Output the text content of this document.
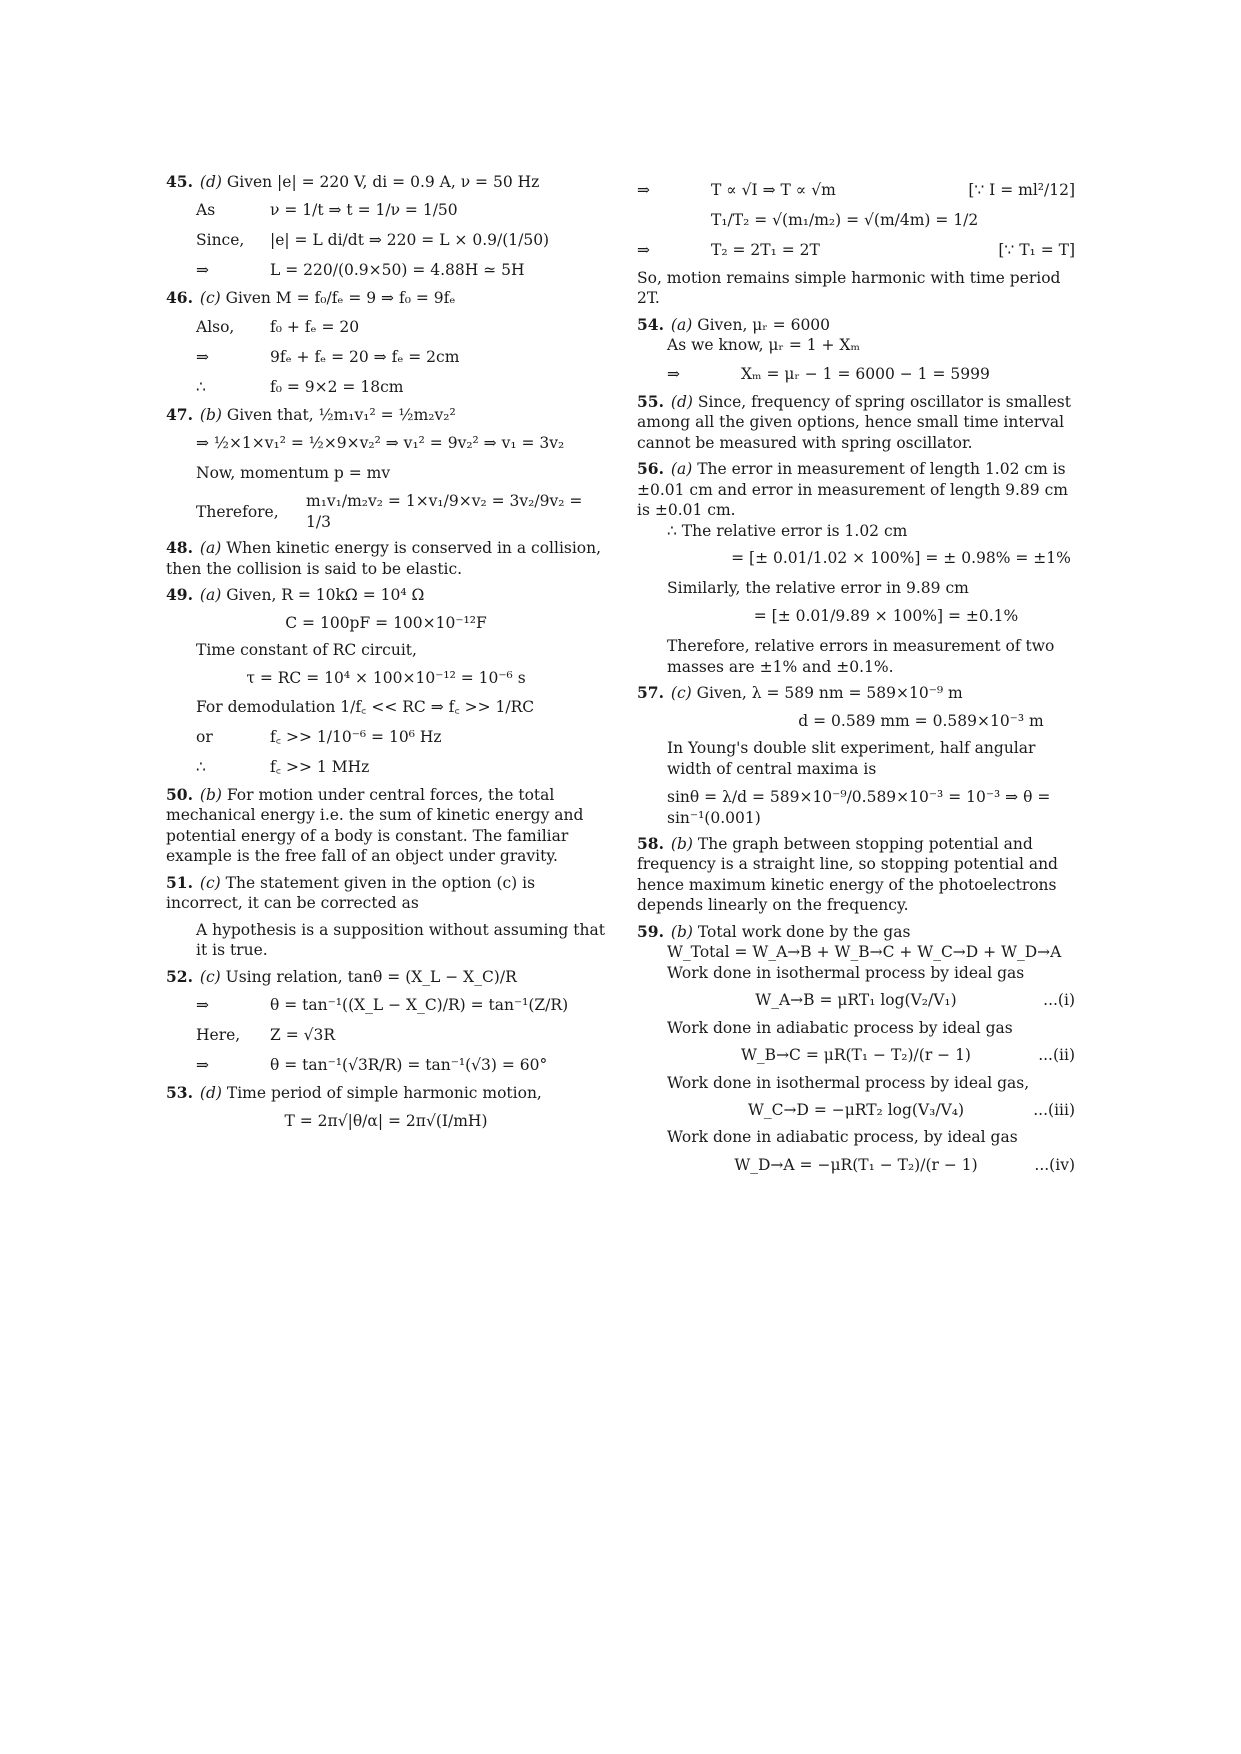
45. (d) Given |e| = 220 V, di = 0.9 A, ν = 50 Hz
As	ν = 1/t ⇒ t = 1/ν = 1/50
Since,	|e| = L di/dt ⇒ 220 = L × 0.9/(1/50)
⇒	L = 220/(0.9×50) = 4.88H ≃ 5H
46. (c) Given M = f₀/fₑ = 9 ⇒ f₀ = 9fₑ
Also,	f₀ + fₑ = 20
⇒	9fₑ + fₑ = 20 ⇒ fₑ = 2cm
∴	f₀ = 9×2 = 18cm
47. (b) Given that, ½m₁v₁² = ½m₂v₂²
⇒ ½×1×v₁² = ½×9×v₂² ⇒ v₁² = 9v₂² ⇒ v₁ = 3v₂
Now, momentum p = mv
Therefore,
m₁v₁/m₂v₂ = 1×v₁/9×v₂ = 3v₂/9v₂ = 1/3
48. (a) When kinetic energy is conserved in a collision, then the collision is said to be elastic.
49. (a) Given, R = 10kΩ = 10⁴ Ω
C = 100pF = 100×10⁻¹²F
Time constant of RC circuit,
τ = RC = 10⁴ × 100×10⁻¹² = 10⁻⁶ s
For demodulation 1/f꜀ << RC ⇒ f꜀ >> 1/RC
or	f꜀ >> 1/10⁻⁶ = 10⁶ Hz
∴	f꜀ >> 1 MHz
50. (b) For motion under central forces, the total mechanical energy i.e. the sum of kinetic energy and potential energy of a body is constant. The familiar example is the free fall of an object under gravity.
51. (c) The statement given in the option (c) is incorrect, it can be corrected as
A hypothesis is a supposition without assuming that it is true.
52. (c) Using relation, tanθ = (X_L − X_C)/R
⇒	θ = tan⁻¹((X_L − X_C)/R) = tan⁻¹(Z/R)
Here,	Z = √3R
⇒	θ = tan⁻¹(√3R/R) = tan⁻¹(√3) = 60°
53. (d) Time period of simple harmonic motion,
T = 2π√|θ/α| = 2π√(I/mH)
⇒	T ∝ √I ⇒ T ∝ √m	[∵ I = ml²/12]
T₁/T₂ = √(m₁/m₂) = √(m/4m) = 1/2
⇒	T₂ = 2T₁ = 2T	[∵ T₁ = T]
So, motion remains simple harmonic with time period 2T.
54. (a) Given, μᵣ = 6000
As we know, μᵣ = 1 + Xₘ
⇒	Xₘ = μᵣ − 1 = 6000 − 1 = 5999
55. (d) Since, frequency of spring oscillator is smallest among all the given options, hence small time interval cannot be measured with spring oscillator.
56. (a) The error in measurement of length 1.02 cm is ±0.01 cm and error in measurement of length 9.89 cm is ±0.01 cm.
∴ The relative error is 1.02 cm
= [± 0.01/1.02 × 100%] = ± 0.98% = ±1%
Similarly, the relative error in 9.89 cm
= [± 0.01/9.89 × 100%] = ±0.1%
Therefore, relative errors in measurement of two masses are ±1% and ±0.1%.
57. (c) Given, λ = 589 nm = 589×10⁻⁹ m
d = 0.589 mm = 0.589×10⁻³ m
In Young's double slit experiment, half angular width of central maxima is
sinθ = λ/d = 589×10⁻⁹/0.589×10⁻³ = 10⁻³ ⇒ θ = sin⁻¹(0.001)
58. (b) The graph between stopping potential and frequency is a straight line, so stopping potential and hence maximum kinetic energy of the photoelectrons depends linearly on the frequency.
59. (b) Total work done by the gas
W_Total = W_A→B + W_B→C + W_C→D + W_D→A
Work done in isothermal process by ideal gas
W_A→B = μRT₁ log(V₂/V₁)	...(i)
Work done in adiabatic process by ideal gas
W_B→C = μR(T₁ − T₂)/(r − 1)	...(ii)
Work done in isothermal process by ideal gas,
W_C→D = −μRT₂ log(V₃/V₄)	...(iii)
Work done in adiabatic process, by ideal gas
W_D→A = −μR(T₁ − T₂)/(r − 1)	...(iv)
